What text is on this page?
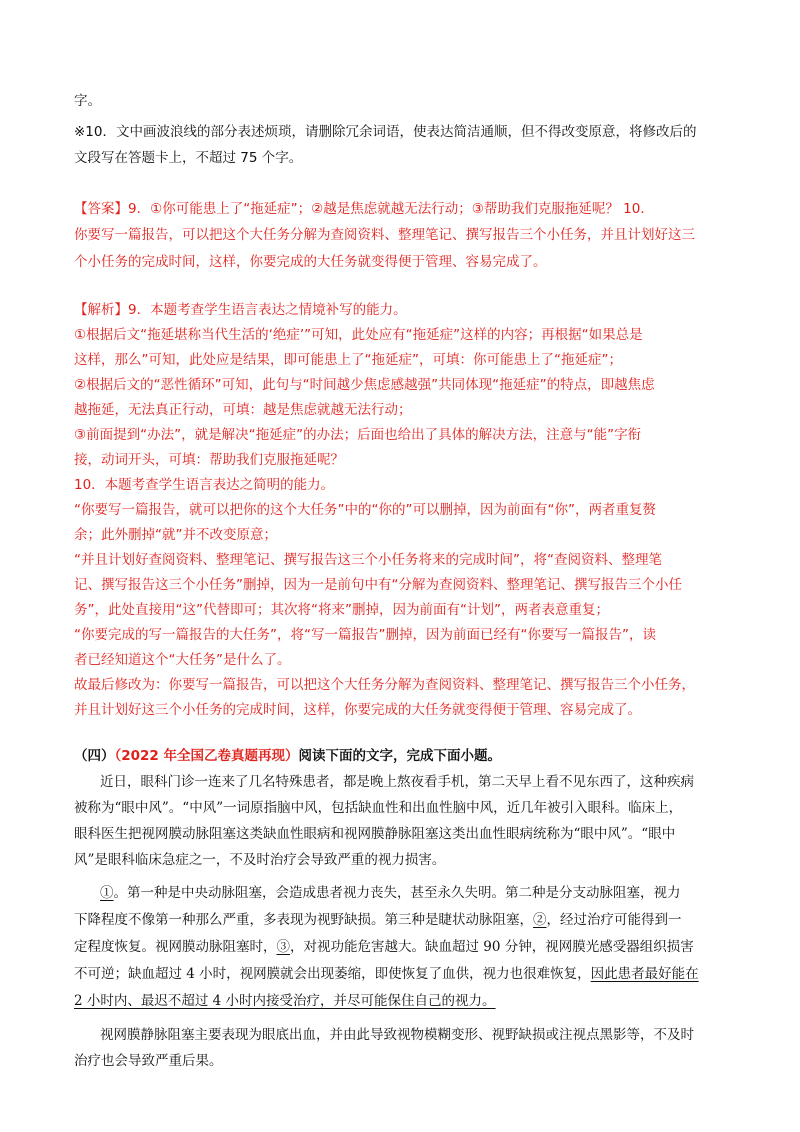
字。
※10．文中画波浪线的部分表述烦琐，请删除冗余词语，使表达简洁通顺，但不得改变原意，将修改后的
文段写在答题卡上，不超过 75 个字。
【答案】9．①你可能患上了“拖延症”；②越是焦虑就越无法行动；③帮助我们克服拖延呢？ 10．
你要写一篇报告，可以把这个大任务分解为查阅资料、整理笔记、撰写报告三个小任务，并且计划好这三
个小任务的完成时间，这样，你要完成的大任务就变得便于管理、容易完成了。
【解析】9．本题考查学生语言表达之情境补写的能力。
①根据后文“拖延堪称当代生活的‘绝症’”可知，此处应有“拖延症”这样的内容；再根据“如果总是
这样，那么”可知，此处应是结果，即可能患上了“拖延症”，可填：你可能患上了“拖延症”；
②根据后文的“恶性循环”可知，此句与“时间越少焦虑感越强”共同体现“拖延症”的特点，即越焦虑
越拖延，无法真正行动，可填：越是焦虑就越无法行动；
③前面提到“办法”，就是解决“拖延症”的办法；后面也给出了具体的解决方法，注意与“能”字衔
接，动词开头，可填：帮助我们克服拖延呢？
10．本题考查学生语言表达之简明的能力。
“你要写一篇报告，就可以把你的这个大任务”中的“你的”可以删掉，因为前面有“你”，两者重复赘
余；此外删掉“就”并不改变原意；
“并且计划好查阅资料、整理笔记、撰写报告这三个小任务将来的完成时间”，将“查阅资料、整理笔
记、撰写报告这三个小任务”删掉，因为一是前句中有“分解为查阅资料、整理笔记、撰写报告三个小任
务”，此处直接用“这”代替即可；其次将“将来”删掉，因为前面有“计划”，两者表意重复；
“你要完成的写一篇报告的大任务”，将“写一篇报告”删掉，因为前面已经有“你要写一篇报告”，读
者已经知道这个“大任务”是什么了。
故最后修改为：你要写一篇报告，可以把这个大任务分解为查阅资料、整理笔记、撰写报告三个小任务，
并且计划好这三个小任务的完成时间，这样，你要完成的大任务就变得便于管理、容易完成了。
（四）（2022 年全国乙卷真题再现）阅读下面的文字，完成下面小题。
近日，眼科门诊一连来了几名特殊患者，都是晚上熬夜看手机，第二天早上看不见东西了，这种疾病
被称为“眼中风”。“中风”一词原指脑中风，包括缺血性和出血性脑中风，近几年被引入眼科。临床上，
眼科医生把视网膜动脉阻塞这类缺血性眼病和视网膜静脉阻塞这类出血性眼病统称为“眼中风”。“眼中
风”是眼科临床急症之一，不及时治疗会导致严重的视力损害。
①。第一种是中央动脉阻塞，会造成患者视力丧失，甚至永久失明。第二种是分支动脉阻塞，视力
下降程度不像第一种那么严重，多表现为视野缺损。第三种是睫状动脉阻塞，②，经过治疗可能得到一
定程度恢复。视网膜动脉阻塞时，③，对视功能危害越大。缺血超过 90 分钟，视网膜光感受器组织损害
不可逆；缺血超过 4 小时，视网膜就会出现萎缩，即使恢复了血供，视力也很难恢复，因此患者最好能在
2 小时内、最迟不超过 4 小时内接受治疗，并尽可能保住自己的视力。
视网膜静脉阻塞主要表现为眼底出血，并由此导致视物模糊变形、视野缺损或注视点黑影等，不及时
治疗也会导致严重后果。
